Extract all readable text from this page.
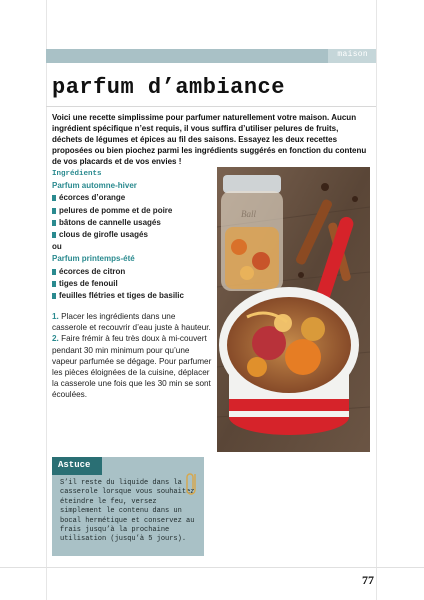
maison
parfum d’ambiance

Voici une recette simplissime pour parfumer naturellement votre maison. Aucun ingrédient spécifique n’est requis, il vous suffira d’utiliser pelures de fruits, déchets de légumes et épices au fil des saisons. Essayez les deux recettes proposées ou bien piochez parmi les ingrédients suggérés en fonction du contenu de vos placards et de vos envies !

Ingrédients
Parfum automne-hiver
écorces d’orange
pelures de pomme et de poire
bâtons de cannelle usagés
clous de girofle usagés
ou
Parfum printemps-été
écorces de citron
tiges de fenouil
feuilles flétries et tiges de basilic

1. Placer les ingrédients dans une casserole et recouvrir d’eau juste à hauteur.

2. Faire frémir à feu très doux à mi-couvert pendant 30 min minimum pour qu’une vapeur parfumée se dégage. Pour parfumer les pièces éloignées de la cuisine, déplacer la casserole une fois que les 30 min se sont écoulées.

Ball
Astuce

S’il reste du liquide dans la casserole lorsque vous souhaitez éteindre le feu, versez simplement le contenu dans un bocal hermétique et conservez au frais jusqu’à la prochaine utilisation (jusqu’à 5 jours).

77
